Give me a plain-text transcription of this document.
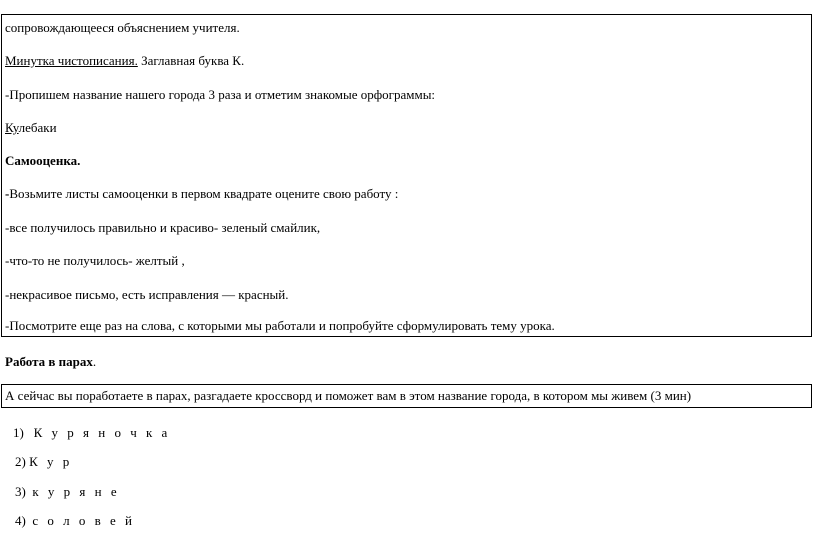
сопровождающееся объяснением учителя.
Минутка чистописания. Заглавная буква К.
-Пропишем название нашего города 3 раза и отметим знакомые орфограммы:
Кулебаки
Самооценка.
-Возьмите листы самооценки в первом квадрате оцените свою работу :
-все получилось правильно и красиво- зеленый смайлик,
-что-то не получилось- желтый ,
-некрасивое письмо, есть исправления — красный.
-Посмотрите еще раз на слова, с которыми мы работали и попробуйте сформулировать тему урока.
Работа в парах.
А сейчас вы поработаете в парах, разгадаете кроссворд и поможет вам в этом название города, в котором мы живем (3 мин)
1) К у р я н о ч к а
2) К у р
3) к у р я н е
4) с о л о в е й
